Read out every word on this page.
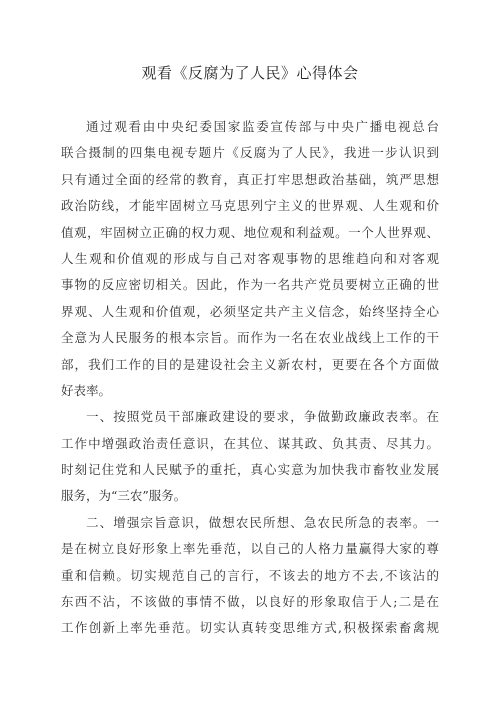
观看《反腐为了人民》心得体会
通过观看由中央纪委国家监委宣传部与中央广播电视总台
联合摄制的四集电视专题片《反腐为了人民》，我进一步认识到
只有通过全面的经常的教育，真正打牢思想政治基础，筑严思想
政治防线，才能牢固树立马克思列宁主义的世界观、人生观和价
值观，牢固树立正确的权力观、地位观和利益观。一个人世界观、
人生观和价值观的形成与自己对客观事物的思维趋向和对客观
事物的反应密切相关。因此，作为一名共产党员要树立正确的世
界观、人生观和价值观，必须坚定共产主义信念，始终坚持全心
全意为人民服务的根本宗旨。而作为一名在农业战线上工作的干
部，我们工作的目的是建设社会主义新农村，更要在各个方面做
好表率。
一、按照党员干部廉政建设的要求，争做勤政廉政表率。在
工作中增强政治责任意识，在其位、谋其政、负其责、尽其力。
时刻记住党和人民赋予的重托，真心实意为加快我市畜牧业发展
服务，为“三农”服务。
二、增强宗旨意识，做想农民所想、急农民所急的表率。一
是在树立良好形象上率先垂范，以自己的人格力量赢得大家的尊
重和信赖。切实规范自己的言行，不该去的地方不去,不该沾的
东西不沾，不该做的事情不做，以良好的形象取信于人;二是在
工作创新上率先垂范。切实认真转变思维方式,积极探索畜禽规
